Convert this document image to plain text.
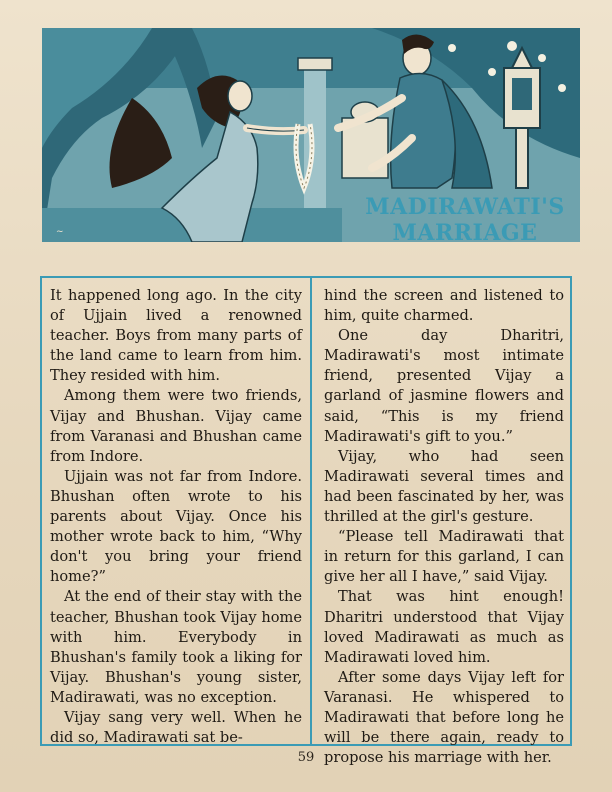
~
MADIRAWATI'S
MARRIAGE

It happened long ago. In the city of Ujjain lived a renowned teacher. Boys from many parts of the land came to learn from him. They resided with him.

Among them were two friends, Vijay and Bhushan. Vijay came from Varanasi and Bhushan came from Indore.

Ujjain was not far from Indore. Bhushan often wrote to his parents about Vijay. Once his mother wrote back to him, “Why don't you bring your friend home?”

At the end of their stay with the teacher, Bhushan took Vijay home with him. Everybody in Bhushan's family took a liking for Vijay. Bhushan's young sister, Madirawati, was no exception.

Vijay sang very well. When he did so, Madirawati sat be-

hind the screen and listened to him, quite charmed.

One day Dharitri, Madirawati's most intimate friend, presented Vijay a garland of jasmine flowers and said, “This is my friend Madirawati's gift to you.”

Vijay, who had seen Madirawati several times and had been fascinated by her, was thrilled at the girl's gesture.

“Please tell Madirawati that in return for this garland, I can give her all I have,” said Vijay.

That was hint enough! Dharitri understood that Vijay loved Madirawati as much as Madirawati loved him.

After some days Vijay left for Varanasi. He whispered to Madirawati that before long he will be there again, ready to propose his marriage with her.

59
